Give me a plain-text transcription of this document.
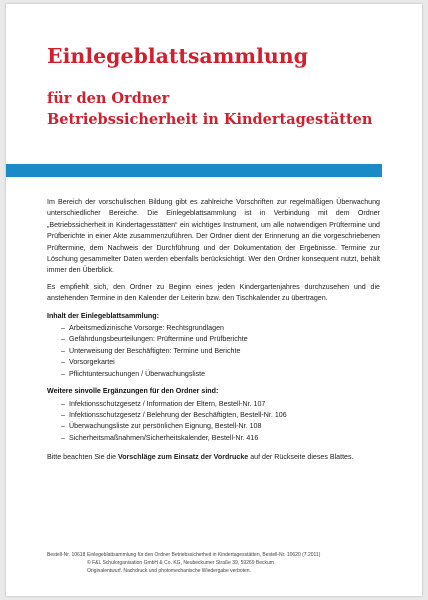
Einlegeblattsammlung
für den Ordner
Betriebssicherheit in Kindertagestätten

Im Bereich der vorschulischen Bildung gibt es zahlreiche Vorschriften zur regelmäßigen Überwachung unterschiedlicher Bereiche. Die Einlegeblattsammlung ist in Verbindung mit dem Ordner „Betriebssicherheit in Kindertagesstätten“ ein wichtiges Instrument, um alle notwendigen Prüftermine und Prüfberichte in einer Akte zusammenzuführen. Der Ordner dient der Erinnerung an die vorgeschriebenen Prüftermine, dem Nachweis der Durchführung und der Dokumentation der Ergebnisse. Termine zur Löschung gesammelter Daten werden ebenfalls berücksichtigt. Wer den Ordner konsequent nutzt, behält immer den Überblick.

Es empfiehlt sich, den Ordner zu Beginn eines jeden Kindergartenjahres durchzusehen und die anstehenden Termine in den Kalender der Leiterin bzw. den Tischkalender zu übertragen.

Inhalt der Einlegeblattsammlung:
– Arbeitsmedizinische Vorsorge: Rechtsgrundlagen
– Gefährdungsbeurteilungen: Prüftermine und Prüfberichte
– Unterweisung der Beschäftigten: Termine und Berichte
– Vorsorgekartei
– Pflichtuntersuchungen / Überwachungsliste
Weitere sinvolle Ergänzungen für den Ordner sind:
– Infektionsschutzgesetz / Information der Eltern, Bestell-Nr. 107
– Infektionsschutzgesetz / Belehrung der Beschäftigten, Bestell-Nr. 106
– Überwachungsliste zur persönlichen Eignung, Bestell-Nr. 108
– Sicherheitsmaßnahmen/Sicherheitskalender, Bestell-Nr. 416

Bitte beachten Sie die Vorschläge zum Einsatz der Vordrucke auf der Rückseite dieses Blattes.

Bestell-Nr. 10618 Einlegeblattsammlung für den Ordner Betriebssicherheit in Kindertagesstätten, Bestell-Nr. 10620 (7.2011)
© F&L Schulorganisation GmbH & Co. KG, Neubeckumer Straße 39, 59269 Beckum
Originalentwurf. Nachdruck und photomechanische Wiedergabe verboten.
